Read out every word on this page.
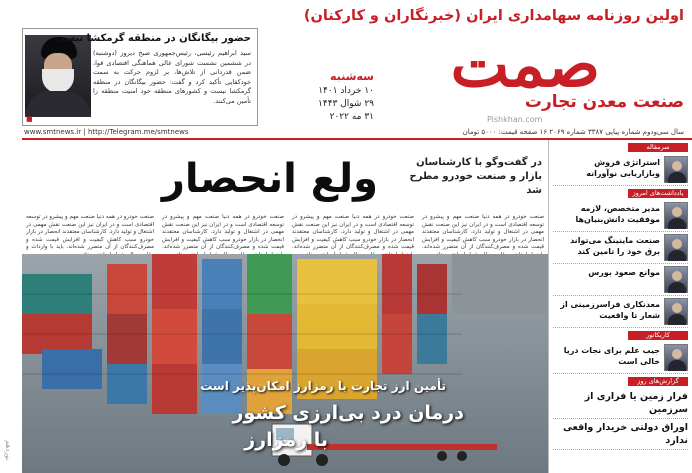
نوزدهم
اولین روزنامه سهامداری ایران (خبرنگاران و کارکنان)
صمت
صنعت معدن تجارت
سه‌شنبه
۱۰ خرداد ۱۴۰۱
۲۹ شوال ۱۴۴۳
۳۱ مه ۲۰۲۲
حضور بیگانگان در منطقه گرمکشا نیست
سید ابراهیم رئیسی، رئیس‌جمهوری صبح دیروز (دوشنبه) در ششمین نشست شورای عالی هماهنگی اقتصادی قوا، ضمن قدردانی از تلاش‌ها، بر لزوم حرکت به سمت خودکفایی تأکید کرد و گفت: حضور بیگانگان در منطقه گرمکشا نیست و کشورهای منطقه خود امنیت منطقه را تأمین می‌کنند.
■
www.smtnews.ir | http://Telegram.me/smtnews	سال سی‌ودوم شماره پیاپی ۳۳۸۷ شماره ۲۰۶۹ ۱۶ صفحه قیمت: ۵۰۰۰ تومان
Pishkhan.com
در گفت‌وگو با کارشناسان بازار و صنعت خودرو مطرح شد
ولع انحصار
صنعت خودرو در همه دنیا صنعت مهم و پیشرو در توسعه اقتصادی است و در ایران نیز این صنعت نقش مهمی در اشتغال و تولید دارد. کارشناسان معتقدند انحصار در بازار خودرو سبب کاهش کیفیت و افزایش قیمت شده و مصرف‌کنندگان از آن متضرر شده‌اند.
صنعت خودرو در همه دنیا صنعت مهم و پیشرو در توسعه اقتصادی است و در ایران نیز این صنعت نقش مهمی در اشتغال و تولید دارد. کارشناسان معتقدند انحصار در بازار خودرو سبب کاهش کیفیت و افزایش قیمت شده و مصرف‌کنندگان از آن متضرر شده‌اند.
صنعت خودرو در همه دنیا صنعت مهم و پیشرو در توسعه اقتصادی است و در ایران نیز این صنعت نقش مهمی در اشتغال و تولید دارد. کارشناسان معتقدند انحصار در بازار خودرو سبب کاهش کیفیت و افزایش قیمت شده و مصرف‌کنندگان از آن متضرر شده‌اند.
صنعت خودرو در همه دنیا صنعت مهم و پیشرو در توسعه اقتصادی است و در ایران نیز این صنعت نقش مهمی در اشتغال و تولید دارد. کارشناسان معتقدند انحصار در بازار خودرو سبب کاهش کیفیت و افزایش قیمت شده و مصرف‌کنندگان از آن متضرر شده‌اند. باید با واردات و
تأمین ارز تجارت با رمزارز امکان‌پذیر است
درمان درد بی‌ارزی کشور
با رمزارز
سرمقاله
استراتژی فروش وبازاریابی نوآورانه
یادداشت‌های امروز
مدیر متخصص، لازمه موفقیت دانش‌بنیان‌ها
صنعت ماینینگ می‌تواند برق خود را تامین کند
موانع صعود بورس
معدنکاری فراسرزمینی از شعار تا واقعیت
کاریکاتور
جیب علم برای نجات دریا خالی است
گزارش‌های روز
فرار زمین یا فراری از سرزمین
اوراق دولتی خریدار واقعی ندارد
